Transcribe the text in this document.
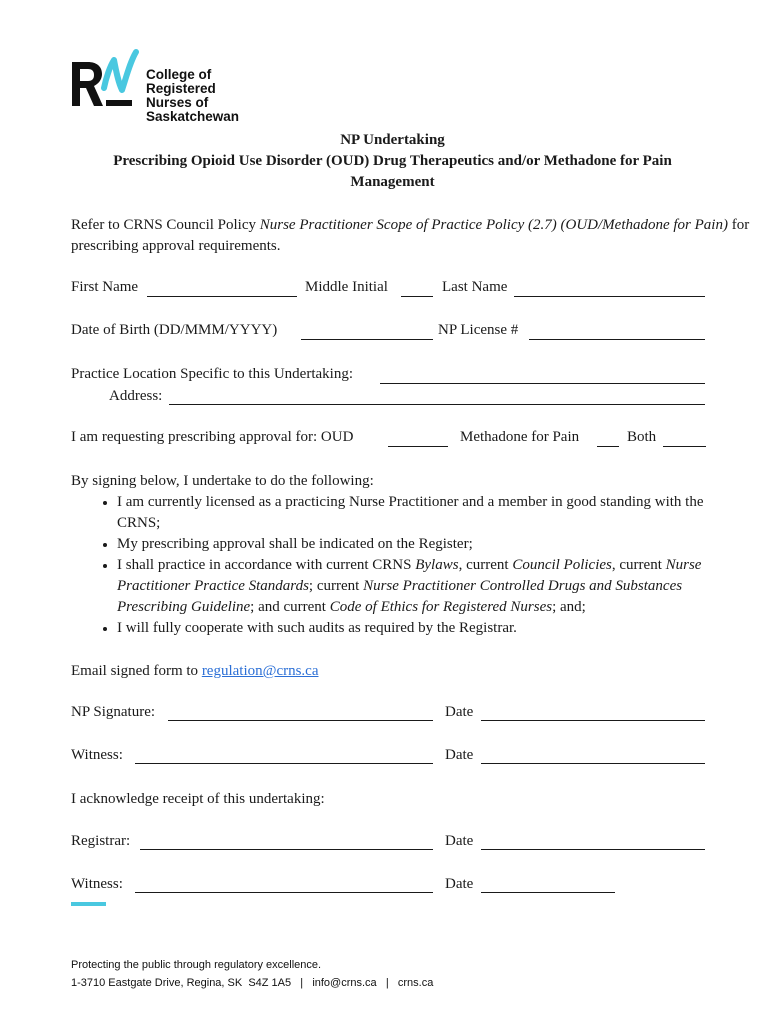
College of
Registered
Nurses of
Saskatchewan
NP Undertaking
Prescribing Opioid Use Disorder (OUD) Drug Therapeutics and/or Methadone for Pain
Management
Refer to CRNS Council Policy Nurse Practitioner Scope of Practice Policy (2.7) (OUD/Methadone for Pain) for
prescribing approval requirements.
First Name	Middle Initial	Last Name
Date of Birth (DD/MMM/YYYY)	NP License #
Practice Location Specific to this Undertaking:
Address:
I am requesting prescribing approval for: OUD	Methadone for Pain	Both
By signing below, I undertake to do the following:
• I am currently licensed as a practicing Nurse Practitioner and a member in good standing with the CRNS;
• My prescribing approval shall be indicated on the Register;
• I shall practice in accordance with current CRNS Bylaws, current Council Policies, current Nurse Practitioner Practice Standards; current Nurse Practitioner Controlled Drugs and Substances Prescribing Guideline; and current Code of Ethics for Registered Nurses; and;
• I will fully cooperate with such audits as required by the Registrar.
Email signed form to regulation@crns.ca
NP Signature:	Date
Witness:	Date
I acknowledge receipt of this undertaking:
Registrar:	Date
Witness:	Date
Protecting the public through regulatory excellence.
1-3710 Eastgate Drive, Regina, SK  S4Z 1A5   |   info@crns.ca   |   crns.ca
